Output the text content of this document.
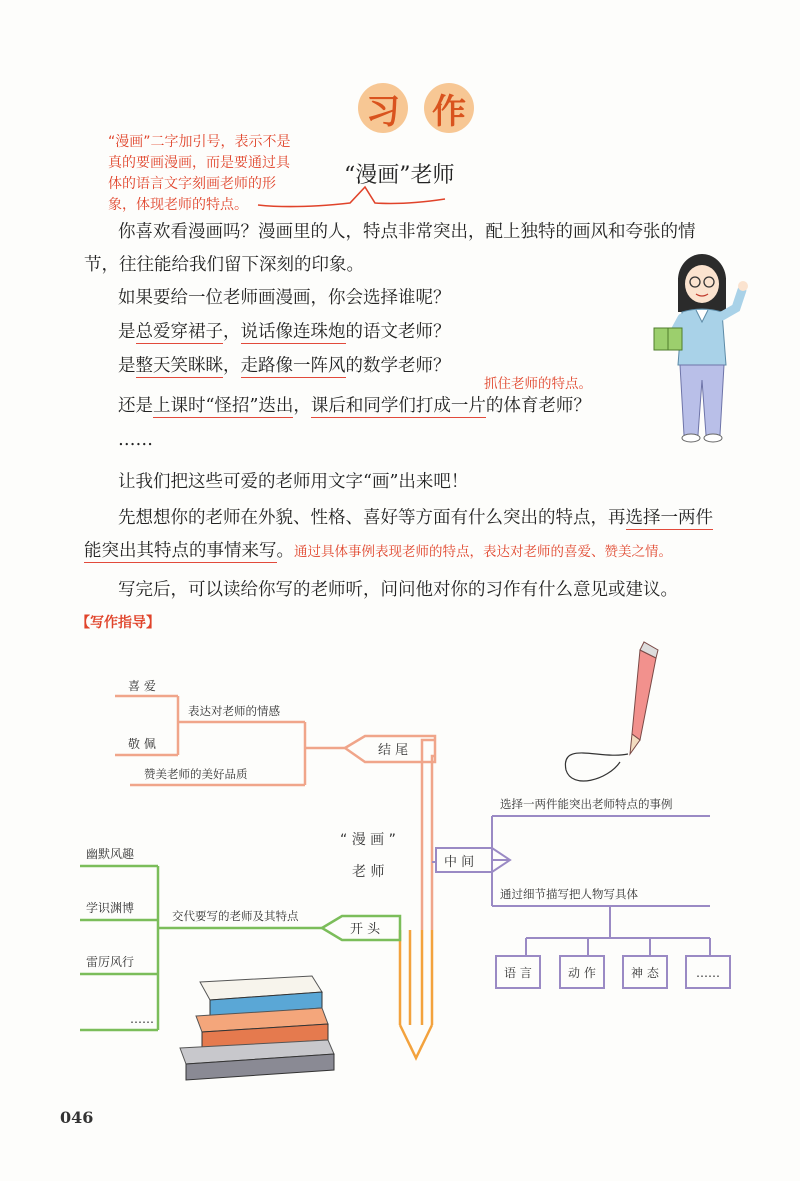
习 作
“漫画”二字加引号，表示不是
真的要画漫画，而是要通过具
体的语言文字刻画老师的形
象，体现老师的特点。
“漫画”老师
你喜欢看漫画吗？漫画里的人，特点非常突出，配上独特的画风和夸张的情
节，往往能给我们留下深刻的印象。
如果要给一位老师画漫画，你会选择谁呢？
是总爱穿裙子，说话像连珠炮的语文老师？
是整天笑眯眯，走路像一阵风的数学老师？
抓住老师的特点。
还是上课时“怪招”迭出，课后和同学们打成一片的体育老师？
……
让我们把这些可爱的老师用文字“画”出来吧！
先想想你的老师在外貌、性格、喜好等方面有什么突出的特点，再选择一两件
能突出其特点的事情来写。通过具体事例表现老师的特点，表达对老师的喜爱、赞美之情。
写完后，可以读给你写的老师听，问问他对你的习作有什么意见或建议。
【写作指导】
喜 爱
敬 佩
表达对老师的情感
赞美老师的美好品质
结 尾
“ 漫 画 ”
老 师
中 间
选择一两件能突出老师特点的事例
通过细节描写把人物写具体
语 言	动 作	神 态	……
幽默风趣
学识渊博
雷厉风行
……
交代要写的老师及其特点
开 头
046
